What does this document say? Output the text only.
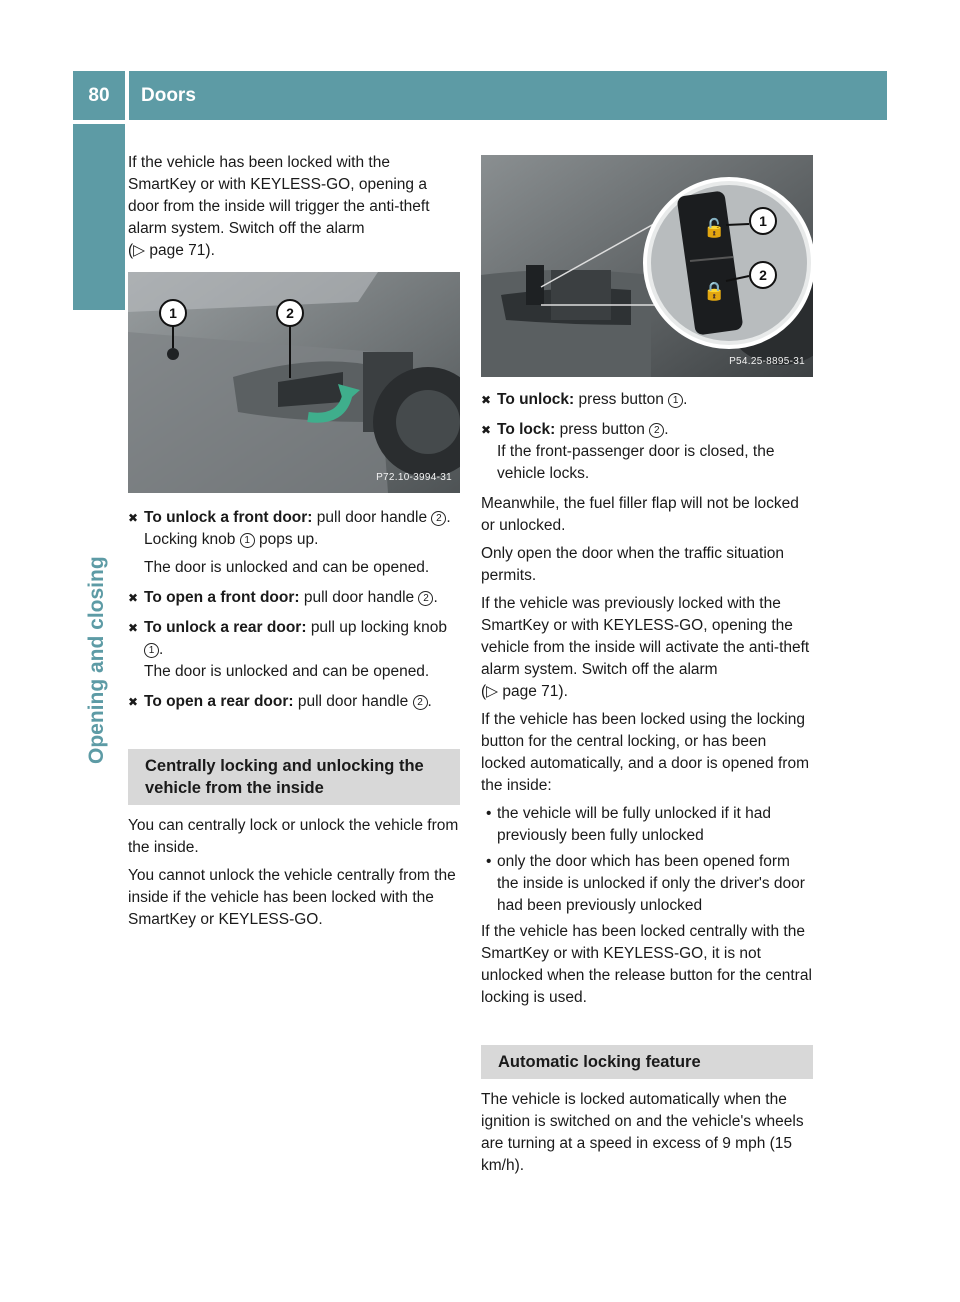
80	Doors
Opening and closing

If the vehicle has been locked with the SmartKey or with KEYLESS-GO, opening a door from the inside will trigger the anti-theft alarm system. Switch off the alarm
(▷ page 71).

1	2
P72.10-3994-31
✖ To unlock a front door: pull door handle 2 .
Locking knob 1 pops up.
The door is unlocked and can be opened.
✖ To open a front door: pull door handle 2 .
✖ To unlock a rear door: pull up locking knob 1 .
The door is unlocked and can be opened.
✖ To open a rear door: pull door handle 2 .
Centrally locking and unlocking the vehicle from the inside

You can centrally lock or unlock the vehicle from the inside.

You cannot unlock the vehicle centrally from the inside if the vehicle has been locked with the SmartKey or KEYLESS-GO.

🔓
🔒
1
2
P54.25-8895-31
✖ To unlock: press button 1 .
✖ To lock: press button 2 .
If the front-passenger door is closed, the vehicle locks.

Meanwhile, the fuel filler flap will not be locked or unlocked.

Only open the door when the traffic situation permits.

If the vehicle was previously locked with the SmartKey or with KEYLESS-GO, opening the vehicle from the inside will activate the anti-theft alarm system. Switch off the alarm

(▷ page 71).

If the vehicle has been locked using the locking button for the central locking, or has been locked automatically, and a door is opened from the inside:

• the vehicle will be fully unlocked if it had previously been fully unlocked
• only the door which has been opened form the inside is unlocked if only the driver's door had been previously unlocked

If the vehicle has been locked centrally with the SmartKey or with KEYLESS-GO, it is not unlocked when the release button for the central locking is used.

Automatic locking feature

The vehicle is locked automatically when the ignition is switched on and the vehicle's wheels are turning at a speed in excess of 9 mph (15 km/h).
